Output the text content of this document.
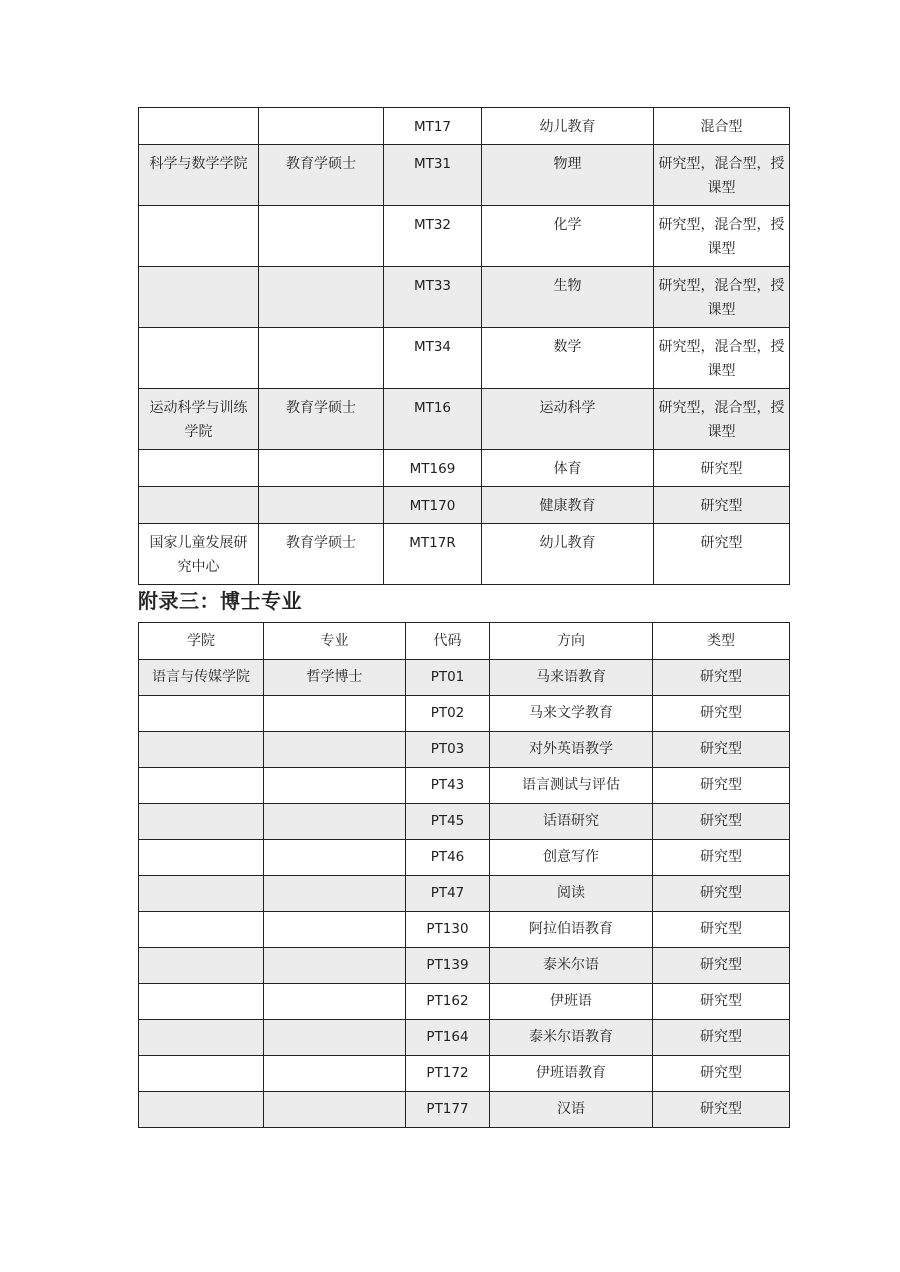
		MT17	幼儿教育	混合型
科学与数学学院	教育学硕士	MT31	物理	研究型，混合型，授课型
		MT32	化学	研究型，混合型，授课型
		MT33	生物	研究型，混合型，授课型
		MT34	数学	研究型，混合型，授课型
运动科学与训练学院	教育学硕士	MT16	运动科学	研究型，混合型，授课型
		MT169	体育	研究型
		MT170	健康教育	研究型
国家儿童发展研究中心	教育学硕士	MT17R	幼儿教育	研究型
附录三：博士专业
学院	专业	代码	方向	类型
语言与传媒学院	哲学博士	PT01	马来语教育	研究型
		PT02	马来文学教育	研究型
		PT03	对外英语教学	研究型
		PT43	语言测试与评估	研究型
		PT45	话语研究	研究型
		PT46	创意写作	研究型
		PT47	阅读	研究型
		PT130	阿拉伯语教育	研究型
		PT139	泰米尔语	研究型
		PT162	伊班语	研究型
		PT164	泰米尔语教育	研究型
		PT172	伊班语教育	研究型
		PT177	汉语	研究型
